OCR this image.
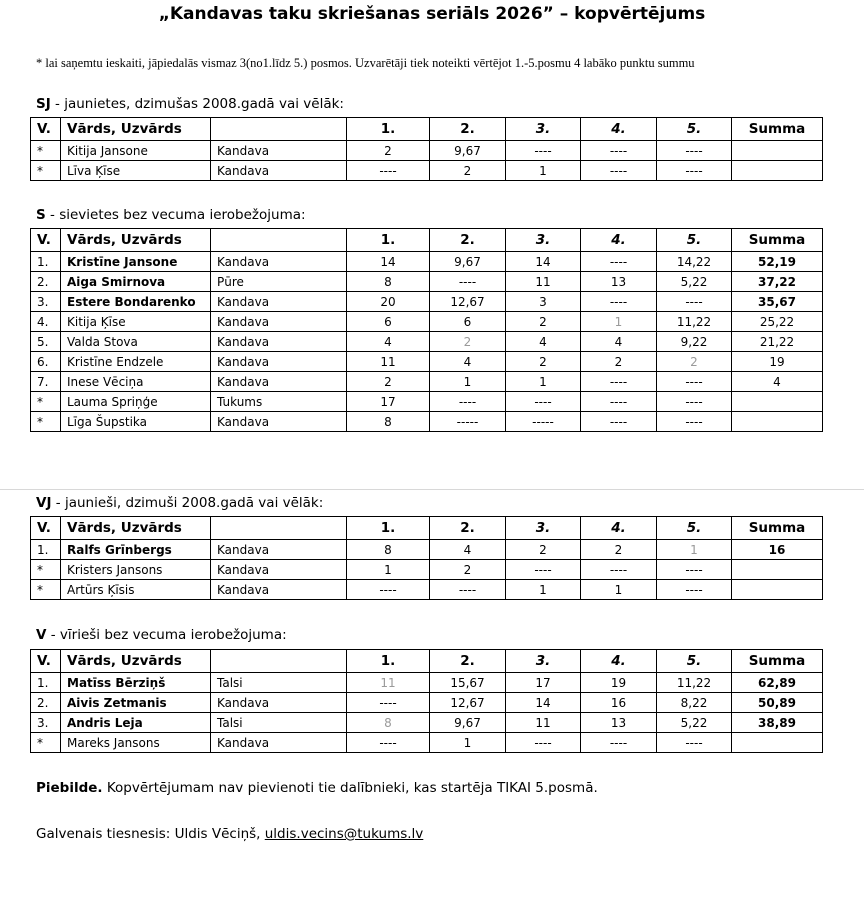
„Kandavas taku skriešanas seriāls 2026” – kopvērtējums
* lai saņemtu ieskaiti, jāpiedalās vismaz 3(no1.līdz 5.) posmos. Uzvarētāji tiek noteikti vērtējot 1.-5.posmu 4 labāko punktu summu
SJ - jaunietes, dzimušas 2008.gadā vai vēlāk:
V.	Vārds, Uzvārds		1.	2.	3.	4.	5.	Summa
*	Kitija Jansone	Kandava	2	9,67	----	----	----	
*	Līva Ķīse	Kandava	----	2	1	----	----	
S - sievietes bez vecuma ierobežojuma:
V.	Vārds, Uzvārds		1.	2.	3.	4.	5.	Summa
1.	Kristīne Jansone	Kandava	14	9,67	14	----	14,22	52,19
2.	Aiga Smirnova	Pūre	8	----	11	13	5,22	37,22
3.	Estere Bondarenko	Kandava	20	12,67	3	----	----	35,67
4.	Kitija Ķīse	Kandava	6	6	2	1	11,22	25,22
5.	Valda Stova	Kandava	4	2	4	4	9,22	21,22
6.	Kristīne Endzele	Kandava	11	4	2	2	2	19
7.	Inese Vēciņa	Kandava	2	1	1	----	----	4
*	Lauma Spriņģe	Tukums	17	----	----	----	----	
*	Līga Šupstika	Kandava	8	-----	-----	----	----	
VJ - jaunieši, dzimuši 2008.gadā vai vēlāk:
V.	Vārds, Uzvārds		1.	2.	3.	4.	5.	Summa
1.	Ralfs Grīnbergs	Kandava	8	4	2	2	1	16
*	Kristers Jansons	Kandava	1	2	----	----	----	
*	Artūrs Ķīsis	Kandava	----	----	1	1	----	
V - vīrieši bez vecuma ierobežojuma:
V.	Vārds, Uzvārds		1.	2.	3.	4.	5.	Summa
1.	Matīss Bērziņš	Talsi	11	15,67	17	19	11,22	62,89
2.	Aivis Zetmanis	Kandava	----	12,67	14	16	8,22	50,89
3.	Andris Leja	Talsi	8	9,67	11	13	5,22	38,89
*	Mareks Jansons	Kandava	----	1	----	----	----	
Piebilde. Kopvērtējumam nav pievienoti tie dalībnieki, kas startēja TIKAI 5.posmā.
Galvenais tiesnesis: Uldis Vēciņš, uldis.vecins@tukums.lv
